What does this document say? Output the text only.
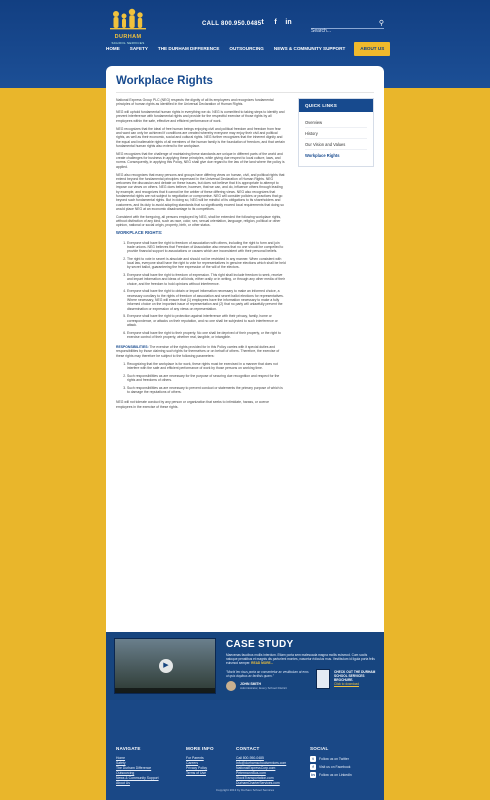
DURHAM
SCHOOL SERVICES
CALL 800.950.0485 t	f	in
Search...	⚲
HOME	SAFETY	THE DURHAM DIFFERENCE	OUTSOURCING	NEWS & COMMUNITY SUPPORT	ABOUT US
Workplace Rights

National Express Group PLC (NEG) respects the dignity of all its employees and recognizes fundamental principles of human rights as identified in the Universal Declaration of Human Rights.

NEG will uphold fundamental human rights in everything we do. NEG is committed to taking steps to identify and prevent interference with fundamental rights and provide for the respectful exercise of those rights by all employees within the safe, effective and efficient performance of work.

NEG recognizes that the ideal of free human beings enjoying civil and political freedom and freedom from fear and want can only be achieved if conditions are created whereby everyone may enjoy their civil and political rights, as well as their economic, social and cultural rights. NEG further recognizes that the inherent dignity and the equal and inalienable rights of all members of the human family is the foundation of freedom, and that certain fundamental human rights also extend to the workplace.

NEG recognizes that the challenge of maintaining these standards are unique in different parts of the world and create challenges for business in applying these principles, while giving due respect to local culture, laws, and norms. Consequently, in applying this Policy, NEG shall give due regard to the law of the land where the policy is applied.

NEG also recognizes that many persons and groups have differing views on human, civil, and political rights that extend beyond the fundamental principles expressed in the Universal Declaration of Human Rights. NEG welcomes the discussion and debate on these issues, but does not believe that it is appropriate to attempt to impose our views on others. NEG does believe, however, that we can, and do, influence others through leading by example, and recognizes that it cannot be the arbiter of these differing views. NEG also recognizes that fundamental rights are not subject to negotiation or compromise. NEG will consider policies or practices that go beyond such fundamental rights. But in doing so, NEG will be mindful of its obligations to its shareholders and customers, and its duty to avoid adopting standards that so significantly exceed local requirements that doing so would place NEG at an economic disadvantage to its competitors.

Consistent with the foregoing, all persons employed by NEG, shall be extended the following workplace rights, without distinction of any kind, such as race, color, sex, sexual orientation, language, religion, political or other opinion, national or social origin, property, birth, or other status.

WORKPLACE RIGHTS:
1. Everyone shall have the right to freedom of association with others, including the right to form and join trade unions. NEG believes that Freedom of Association also means that no one should be compelled to provide financial support to associations or causes which are inconsistent with their personal beliefs.
2. The right to vote in secret is absolute and should not be restricted in any manner. When consistent with local law, everyone shall have the right to vote for representatives in genuine elections which shall be held by secret ballot, guaranteeing the free expression of the will of the electors.
3. Everyone shall have the right to freedom of expression. This right shall include freedom to seek, receive and impart information and ideas of all kinds, either orally or in writing, or through any other media of their choice, and the freedom to hold opinions without interference.
4. Everyone shall have the right to obtain or impart information necessary to make an informed choice, a necessary corollary to the rights of freedom of association and secret ballot elections for representatives. Where necessary, NEG will ensure that (1) employees have the information necessary to make a fully informed choice on the important issue of representation and (2) that no party will unlawfully prevent the dissemination or expression of any views on representation.
5. Everyone shall have the right to protection against interference with their privacy, family, home or correspondence, or attacks on their reputation, and no one shall be subjected to such interference or attack.
6. Everyone shall have the right to their property. No one shall be deprived of their property, or the right to exercise control of their property, whether real, tangible, or intangible.

RESPONSIBILITIES: The exercise of the rights provided for in this Policy carries with it special duties and responsibilities by those claiming such rights for themselves or on behalf of others. Therefore, the exercise of these rights may therefore be subject to the following parameters:

1. Recognizing that the workplace is for work, these rights must be exercised in a manner that does not interfere with the safe and efficient performance of work by those persons on working time.
2. Such responsibilities as are necessary for the purpose of securing due recognition and respect for the rights and freedoms of others.
3. Such responsibilities as are necessary to prevent conduct or statements the primary purpose of which is to damage the reputations of others.

NEG will not tolerate conduct by any person or organization that seeks to intimidate, harass, or coerce employees in the exercise of these rights.

QUICK LINKS
Overview
History
Our Vision and Values
Workplace Rights
▶
CASE STUDY
Maecenas faucibus mollis interdum. Etiam porta sem malesuada magna mollis euismod. Cum sociis natoque penatibus et magnis dis parturient montes, nascetur ridiculus mus. Vestibulum id ligula porta felis euismod semper. READ MORE...
"Morbi leo risus porta ac consectetur ac vestibulum at eros ut quis dapibus ac facilisis quam."
JOHN SMITH
Administrator, Every School District
CHECK OUT THE DURHAM SCHOOL SERVICES BROCHURE.
Click to download
NAVIGATE
Home
Safety
The Durham Difference
Outsourcing
News & Community Support
About Us
MORE INFO
For Parents
Careers
Privacy Policy
Terms of Use
CONTACT
Call 800-950-0485
Info@durhamschoolservices.com
NationalExpressCorp.com
PetermannBus.com
StockTransportation.com
DurhamCharterServices.com
SOCIAL
t	Follow us on Twitter
f	Visit us on Facebook
in	Follow us on LinkedIn
Copyright 2013 by Durham School Services
